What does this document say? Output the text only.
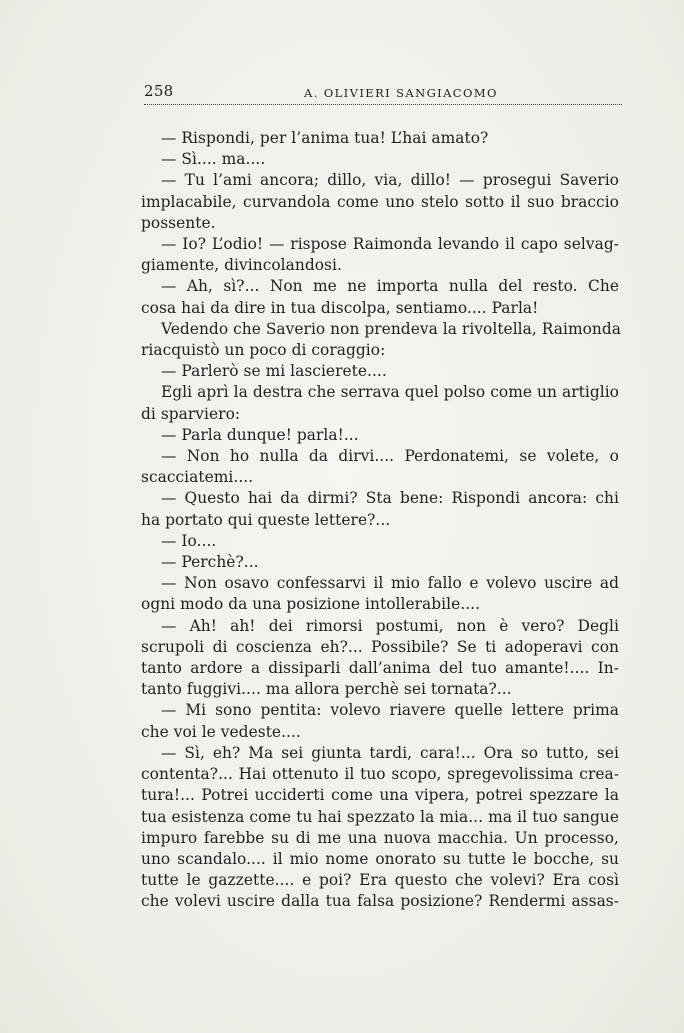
258	A. OLIVIERI SANGIACOMO
— Rispondi, per l’anima tua! L’hai amato?
— Sì.... ma....
— Tu l’ami ancora; dillo, via, dillo! — prosegui Saverio
implacabile, curvandola come uno stelo sotto il suo braccio
possente.
— Io? L’odio! — rispose Raimonda levando il capo selvag-
giamente, divincolandosi.
— Ah, sì?... Non me ne importa nulla del resto. Che
cosa hai da dire in tua discolpa, sentiamo.... Parla!
Vedendo che Saverio non prendeva la rivoltella, Raimonda
riacquistò un poco di coraggio:
— Parlerò se mi lascierete....
Egli aprì la destra che serrava quel polso come un artiglio
di sparviero:
— Parla dunque! parla!...
— Non ho nulla da dirvi.... Perdonatemi, se volete, o
scacciatemi....
— Questo hai da dirmi? Sta bene: Rispondi ancora: chi
ha portato qui queste lettere?...
— Io....
— Perchè?...
— Non osavo confessarvi il mio fallo e volevo uscire ad
ogni modo da una posizione intollerabile....
— Ah! ah! dei rimorsi postumi, non è vero? Degli
scrupoli di coscienza eh?... Possibile? Se ti adoperavi con
tanto ardore a dissiparli dall’anima del tuo amante!.... In-
tanto fuggivi.... ma allora perchè sei tornata?...
— Mi sono pentita: volevo riavere quelle lettere prima
che voi le vedeste....
— Sì, eh? Ma sei giunta tardi, cara!... Ora so tutto, sei
contenta?... Hai ottenuto il tuo scopo, spregevolissima crea-
tura!... Potrei ucciderti come una vipera, potrei spezzare la
tua esistenza come tu hai spezzato la mia... ma il tuo sangue
impuro farebbe su di me una nuova macchia. Un processo,
uno scandalo.... il mio nome onorato su tutte le bocche, su
tutte le gazzette.... e poi? Era questo che volevi? Era così
che volevi uscire dalla tua falsa posizione? Rendermi assas-
